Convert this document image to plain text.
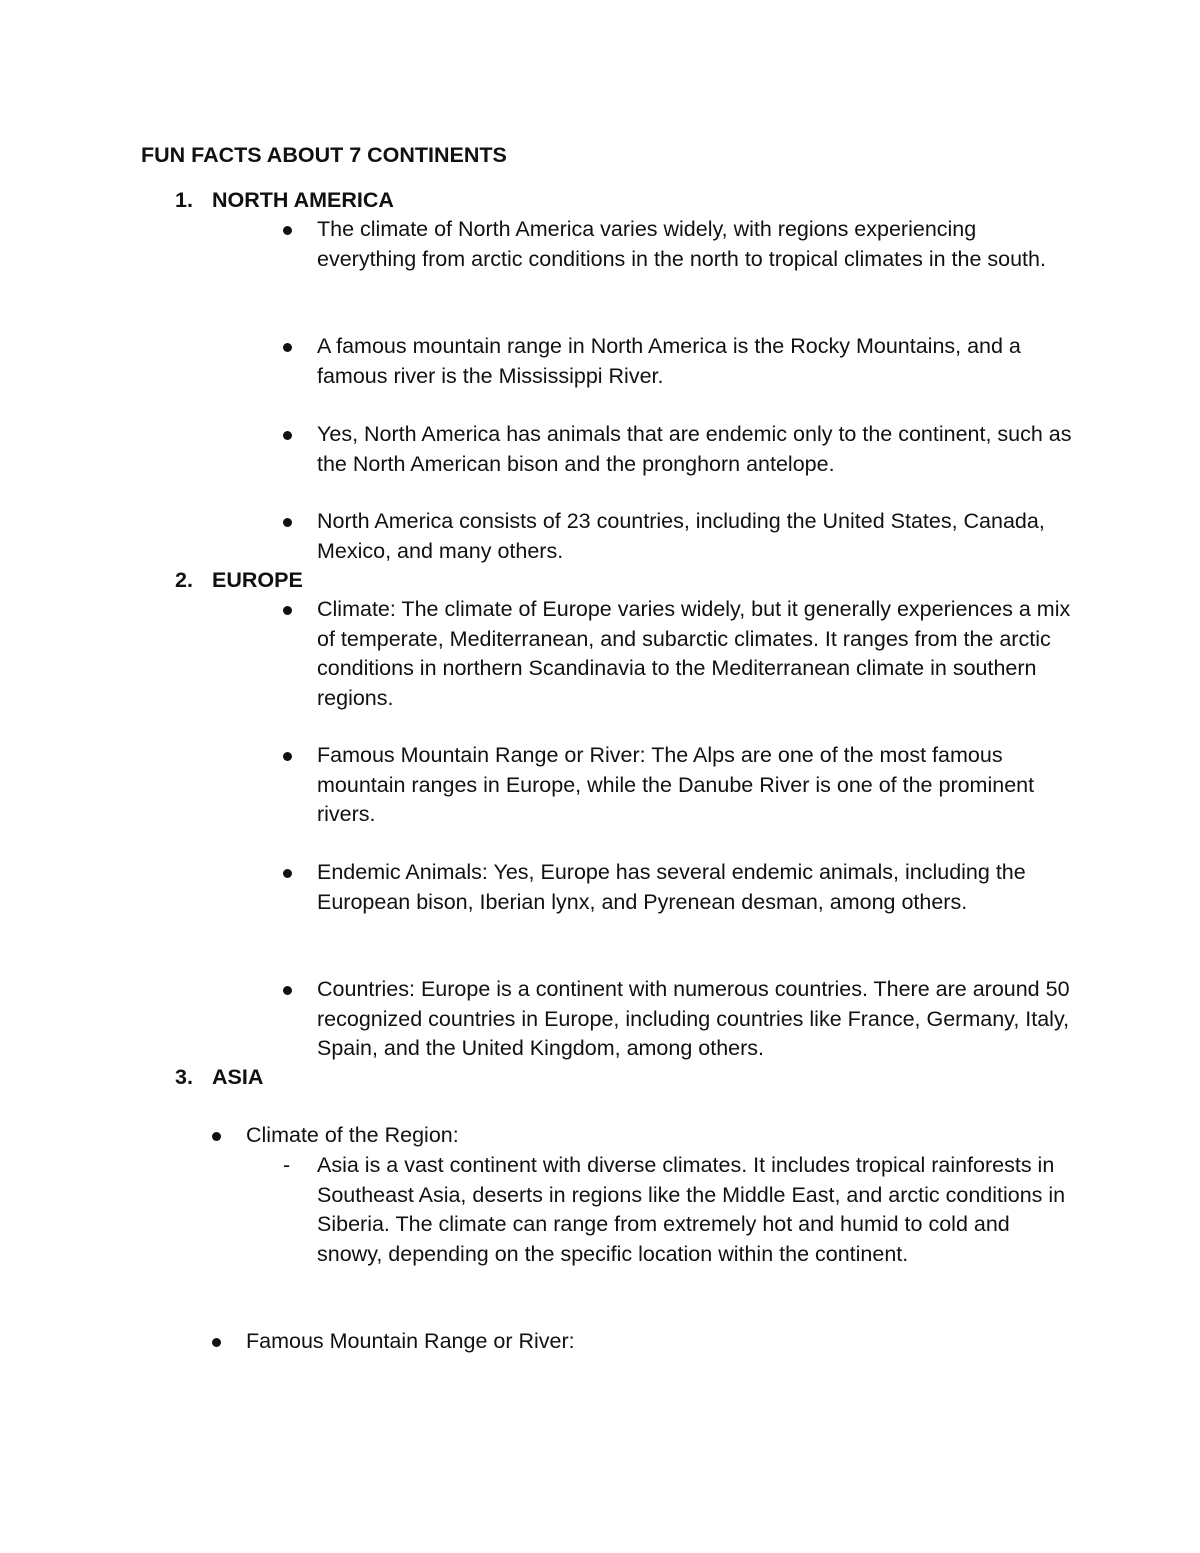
FUN FACTS ABOUT 7 CONTINENTS
1. NORTH AMERICA
The climate of North America varies widely, with regions experiencing everything from arctic conditions in the north to tropical climates in the south.
A famous mountain range in North America is the Rocky Mountains, and a famous river is the Mississippi River.
Yes, North America has animals that are endemic only to the continent, such as the North American bison and the pronghorn antelope.
North America consists of 23 countries, including the United States, Canada, Mexico, and many others.
2. EUROPE
Climate: The climate of Europe varies widely, but it generally experiences a mix of temperate, Mediterranean, and subarctic climates. It ranges from the arctic conditions in northern Scandinavia to the Mediterranean climate in southern regions.
Famous Mountain Range or River: The Alps are one of the most famous mountain ranges in Europe, while the Danube River is one of the prominent rivers.
Endemic Animals: Yes, Europe has several endemic animals, including the European bison, Iberian lynx, and Pyrenean desman, among others.
Countries: Europe is a continent with numerous countries. There are around 50 recognized countries in Europe, including countries like France, Germany, Italy, Spain, and the United Kingdom, among others.
3. ASIA
Climate of the Region:
- Asia is a vast continent with diverse climates. It includes tropical rainforests in Southeast Asia, deserts in regions like the Middle East, and arctic conditions in Siberia. The climate can range from extremely hot and humid to cold and snowy, depending on the specific location within the continent.
Famous Mountain Range or River:
